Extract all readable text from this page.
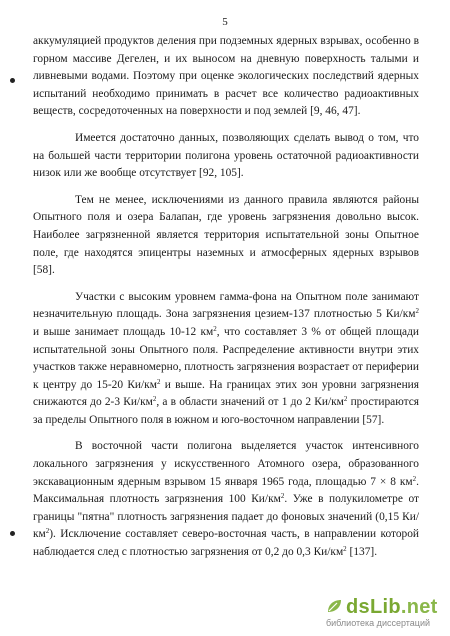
5

аккумуляцией продуктов деления при подземных ядерных взрывах, особенно в горном массиве Дегелен, и их выносом на дневную поверхность талыми и ливневыми водами. Поэтому при оценке экологических последствий ядерных испытаний необходимо принимать в расчет все количество радиоактивных веществ, сосредоточенных на поверхности и под землей [9, 46, 47].

Имеется достаточно данных, позволяющих сделать вывод о том, что на большей части территории полигона уровень остаточной радиоактивности низок или же вообще отсутствует [92, 105].

Тем не менее, исключениями из данного правила являются районы Опытного поля и озера Балапан, где уровень загрязнения довольно высок. Наиболее загрязненной является территория испытательной зоны Опытное поле, где находятся эпицентры наземных и атмосферных ядерных взрывов [58].

Участки с высоким уровнем гамма-фона на Опытном поле занимают незначительную площадь. Зона загрязнения цезием-137 плотностью 5 $Ки/км^2$ и выше занимает площадь 10-12 $км^2$, что составляет 3 % от общей площади испытательной зоны Опытного поля. Распределение активности внутри этих участков также неравномерно, плотность загрязнения возрастает от периферии к центру до 15-20 $Ки/км^2$ и выше. На границах этих зон уровни загрязнения снижаются до 2-3 $Ки/км^2$, а в области значений от 1 до 2 $Ки/км^2$ простираются за пределы Опытного поля в южном и юго-восточном направлении [57].

В восточной части полигона выделяется участок интенсивного локального загрязнения у искусственного Атомного озера, образованного экскавационным ядерным взрывом 15 января 1965 года, площадью 7 × 8 $км^2$. Максимальная плотность загрязнения 100 $Ки/км^2$. Уже в полукилометре от границы "пятна" плотность загрязнения падает до фоновых значений (0,15 $Ки/км^2$). Исключение составляет северо-восточная часть, в направлении которой наблюдается след с плотностью загрязнения от 0,2 до 0,3 $Ки/км^2$ [137].

dsLib.net
библиотека диссертаций
